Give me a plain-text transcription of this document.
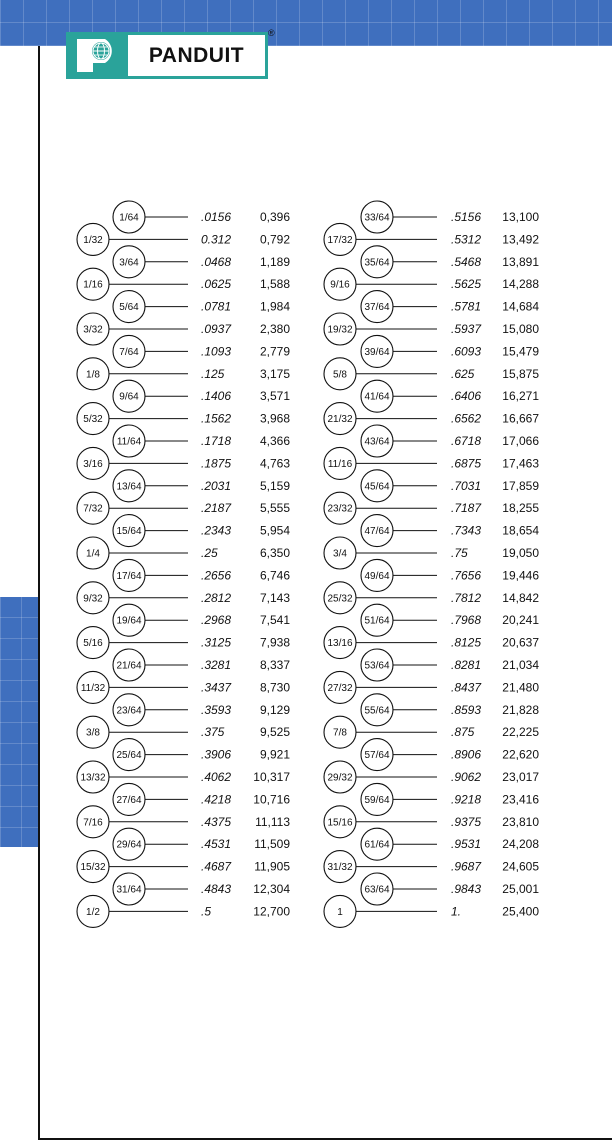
PANDUIT
®
1/64	.0156 0,396
1/32	0.312 0,792
3/64	.0468 1,189
1/16	.0625 1,588
5/64	.0781 1,984
3/32	.0937 2,380
7/64	.1093 2,779
1/8	.125	3,175
9/64	.1406 3,571
5/32	.1562 3,968
11/64	.1718 4,366
3/16	.1875 4,763
13/64	.2031 5,159
7/32	.2187 5,555
15/64	.2343 5,954
1/4	.25	6,350
17/64	.2656 6,746
9/32	.2812 7,143
19/64	.2968 7,541
5/16	.3125 7,938
21/64	.3281 8,337
11/32	.3437 8,730
23/64	.3593 9,129
3/8	.375	9,525
25/64	.3906 9,921
13/32	.4062 10,317
27/64	.4218 10,716
7/16	.4375 11,113
29/64	.4531 11,509
15/32	.4687 11,905
31/64	.4843 12,304
1/2	.5	12,700
33/64	.5156 13,100
17/32	.5312 13,492
35/64	.5468 13,891
9/16	.5625 14,288
37/64	.5781 14,684
19/32	.5937 15,080
39/64	.6093 15,479
5/8	.625 15,875
41/64	.6406 16,271
21/32	.6562 16,667
43/64	.6718 17,066
11/16	.6875 17,463
45/64	.7031 17,859
23/32	.7187 18,255
47/64	.7343 18,654
3/4	.75	19,050
49/64	.7656 19,446
25/32	.7812 14,842
51/64	.7968 20,241
13/16	.8125 20,637
53/64	.8281 21,034
27/32	.8437 21,480
55/64	.8593 21,828
7/8	.875 22,225
57/64	.8906 22,620
29/32	.9062 23,017
59/64	.9218 23,416
15/16	.9375 23,810
61/64	.9531 24,208
31/32	.9687 24,605
63/64	.9843 25,001
1	1.	25,400
